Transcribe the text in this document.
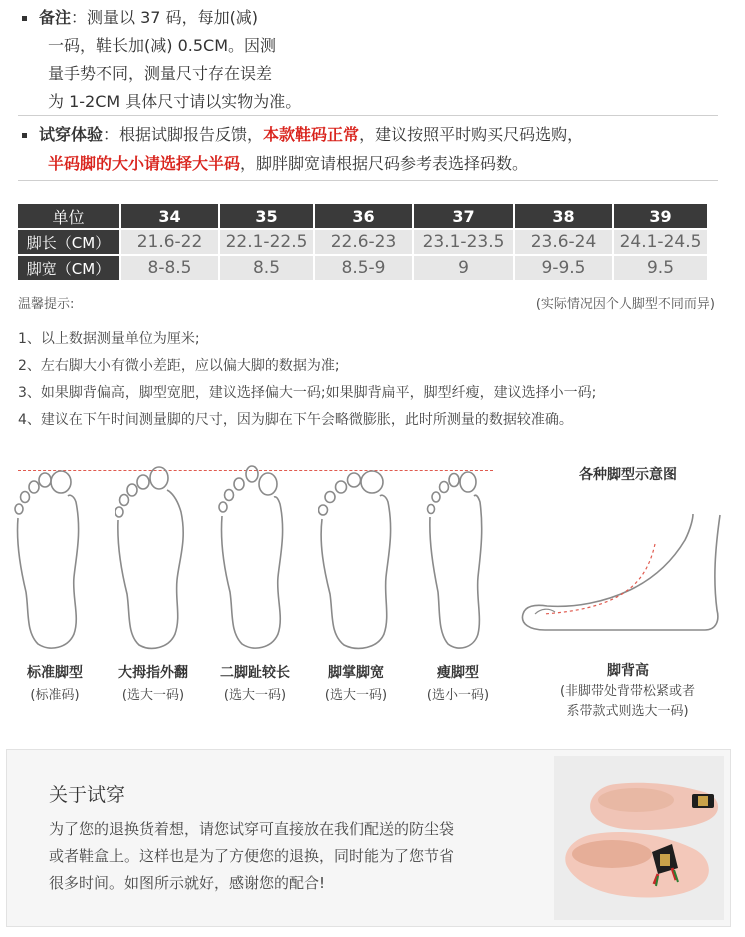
备注：测量以 37 码，每加(减)
一码，鞋长加(减) 0.5CM。因测
量手势不同，测量尺寸存在误差
为 1-2CM 具体尺寸请以实物为准。
试穿体验：根据试脚报告反馈，本款鞋码正常，建议按照平时购买尺码选购，
半码脚的大小请选择大半码，脚胖脚宽请根据尺码参考表选择码数。
单位	34	35	36	37	38	39
脚长（CM）	21.6-22	22.1-22.5	22.6-23	23.1-23.5	23.6-24	24.1-24.5
脚宽（CM）	8-8.5	8.5	8.5-9	9	9-9.5	9.5
温馨提示:	(实际情况因个人脚型不同而异)
1、以上数据测量单位为厘米;
2、左右脚大小有微小差距，应以偏大脚的数据为准;
3、如果脚背偏高，脚型宽肥，建议选择偏大一码;如果脚背扁平，脚型纤瘦，建议选择小一码;
4、建议在下午时间测量脚的尺寸，因为脚在下午会略微膨胀，此时所测量的数据较准确。
标准脚型
(标准码)
大拇指外翻
(选大一码)
二脚趾较长
(选大一码)
脚掌脚宽
(选大一码)
瘦脚型
(选小一码)
各种脚型示意图
脚背高
(非脚带处背带松紧或者
系带款式则选大一码)
关于试穿
为了您的退换货着想，请您试穿可直接放在我们配送的防尘袋
或者鞋盒上。这样也是为了方便您的退换，同时能为了您节省
很多时间。如图所示就好，感谢您的配合!
